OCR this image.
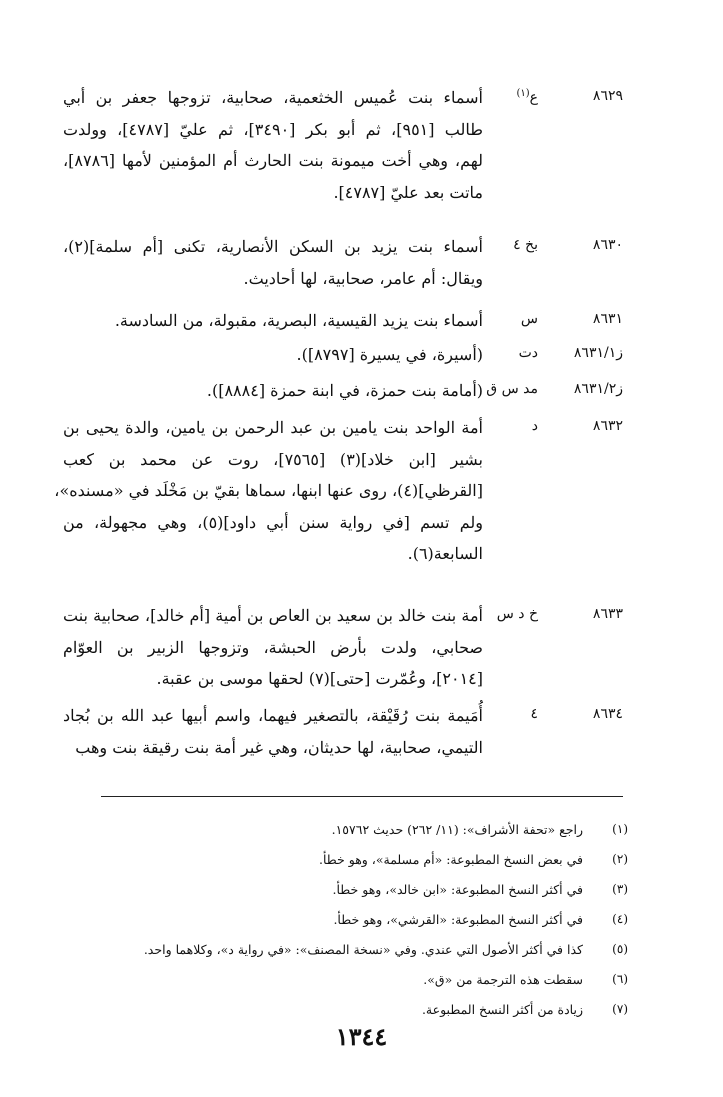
٨٦٢٩
ع$^{(١)}$
أسماء بنت عُميس الخثعمية، صحابية، تزوجها جعفر بن أبي
طالب [٩٥١]، ثم أبو بكر [٣٤٩٠]، ثم عليّ [٤٧٨٧]، وولدت
لهم، وهي أخت ميمونة بنت الحارث أم المؤمنين لأمها [٨٧٨٦]،
ماتت بعد عليّ [٤٧٨٧].
٨٦٣٠
بخ ٤
أسماء بنت يزيد بن السكن الأنصارية، تكنى [أم سلمة](٢)،
ويقال: أم عامر، صحابية، لها أحاديث.
٨٦٣١
س
أسماء بنت يزيد القيسية، البصرية، مقبولة، من السادسة.
ز٨٦٣١/١
دت
(أسيرة، في يسيرة [٨٧٩٧]).
ز٨٦٣١/٢
مد س ق
(أمامة بنت حمزة، في ابنة حمزة [٨٨٨٤]).
٨٦٣٢
د
أمة الواحد بنت يامين بن عبد الرحمن بن يامين، والدة يحيى بن
بشير [ابن خلاد](٣) [٧٥٦٥]، روت عن محمد بن كعب
[القرظي](٤)، روى عنها ابنها، سماها بقيّ بن مَخْلَد في «مسنده»،
ولم تسم [في رواية سنن أبي داود](٥)، وهي مجهولة، من
السابعة(٦).
٨٦٣٣
خ د س
أمة بنت خالد بن سعيد بن العاص بن أمية [أم خالد]، صحابية بنت
صحابي، ولدت بأرض الحبشة، وتزوجها الزبير بن العوّام
[٢٠١٤]، وعُمّرت [حتى](٧) لحقها موسى بن عقبة.
٨٦٣٤
٤
أُمَيمة بنت رُقَيْقة، بالتصغير فيهما، واسم أبيها عبد الله بن بُجاد
التيمي، صحابية، لها حديثان، وهي غير أمة بنت رقيقة بنت وهب
(١)
راجع «تحفة الأشراف»: (١١/ ٢٦٢) حديث ١٥٧٦٢.
(٢)
في بعض النسخ المطبوعة: «أم مسلمة»، وهو خطأ.
(٣)
في أكثر النسخ المطبوعة: «ابن خالد»، وهو خطأ.
(٤)
في أكثر النسخ المطبوعة: «القرشي»، وهو خطأ.
(٥)
كذا في أكثر الأصول التي عندي. وفي «نسخة المصنف»: «في رواية د»، وكلاهما واحد.
(٦)
سقطت هذه الترجمة من «ق».
(٧)
زيادة من أكثر النسخ المطبوعة.
١٣٤٤
